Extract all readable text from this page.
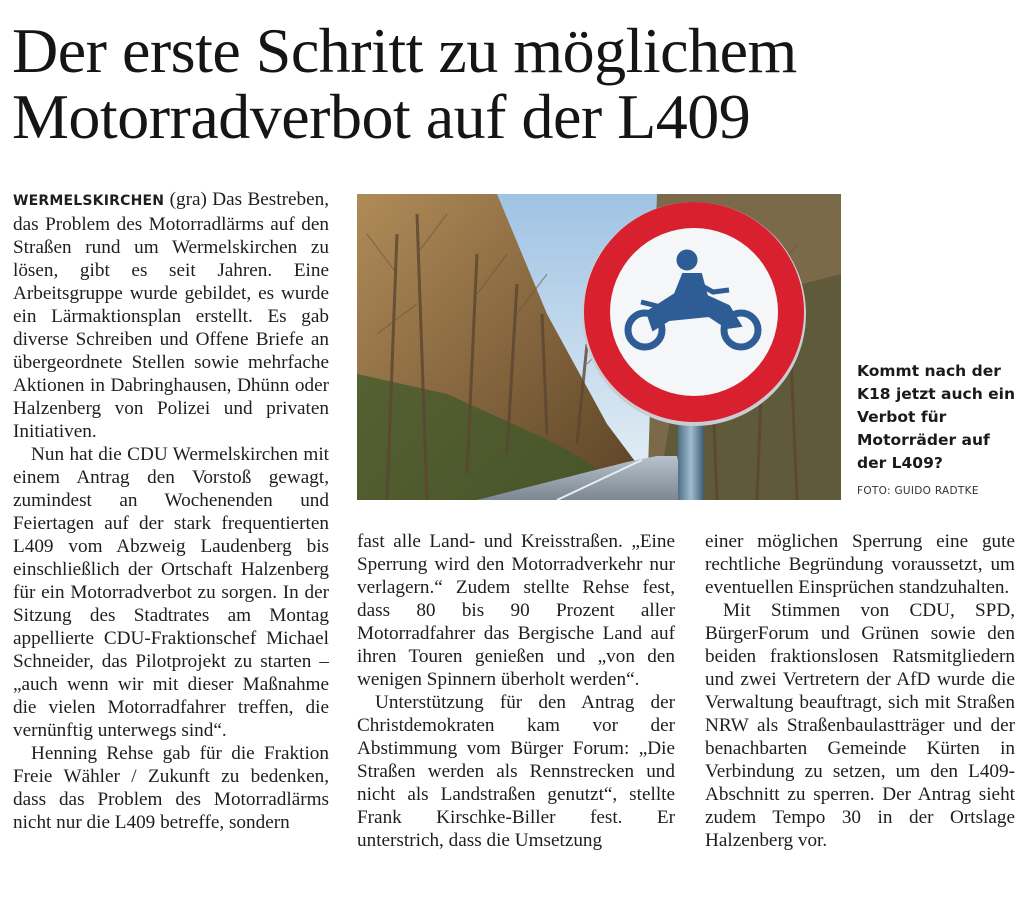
Der erste Schritt zu möglichem
Motorradverbot auf der L409

WERMELSKIRCHEN (gra) Das Bestreben, das Problem des Motorradlärms auf den Straßen rund um Wermelskirchen zu lösen, gibt es seit Jahren. Eine Arbeitsgruppe wurde gebildet, es wurde ein Lärmaktionsplan erstellt. Es gab diverse Schreiben und Offene Briefe an übergeordnete Stellen sowie mehrfache Aktionen in Dabringhausen, Dhünn oder Halzenberg von Polizei und privaten Initiativen.

Nun hat die CDU Wermelskirchen mit einem Antrag den Vorstoß gewagt, zumindest an Wochenenden und Feiertagen auf der stark frequentierten L409 vom Abzweig Laudenberg bis einschließlich der Ortschaft Halzenberg für ein Motorradverbot zu sorgen. In der Sitzung des Stadtrates am Montag appellierte CDU-Fraktionschef Michael Schneider, das Pilotprojekt zu starten – „auch wenn wir mit dieser Maßnahme die vielen Motorradfahrer treffen, die vernünftig unterwegs sind“.

Henning Rehse gab für die Fraktion Freie Wähler / Zukunft zu bedenken, dass das Problem des Motorradlärms nicht nur die L409 betreffe, sondern

Kommt nach der K18 jetzt auch ein Verbot für Motorräder auf der L409?
FOTO: GUIDO RADTKE

fast alle Land- und Kreisstraßen. „Eine Sperrung wird den Motorradverkehr nur verlagern.“ Zudem stellte Rehse fest, dass 80 bis 90 Prozent aller Motorradfahrer das Bergische Land auf ihren Touren genießen und „von den wenigen Spinnern überholt werden“.

Unterstützung für den Antrag der Christdemokraten kam vor der Abstimmung vom Bürger Forum: „Die Straßen werden als Rennstrecken und nicht als Landstraßen genutzt“, stellte Frank Kirschke-Biller fest. Er unterstrich, dass die Umsetzung

einer möglichen Sperrung eine gute rechtliche Begründung voraussetzt, um eventuellen Einsprüchen standzuhalten.

Mit Stimmen von CDU, SPD, BürgerForum und Grünen sowie den beiden fraktionslosen Ratsmitgliedern und zwei Vertretern der AfD wurde die Verwaltung beauftragt, sich mit Straßen NRW als Straßenbaulastträger und der benachbarten Gemeinde Kürten in Verbindung zu setzen, um den L409-Abschnitt zu sperren. Der Antrag sieht zudem Tempo 30 in der Ortslage Halzenberg vor.
